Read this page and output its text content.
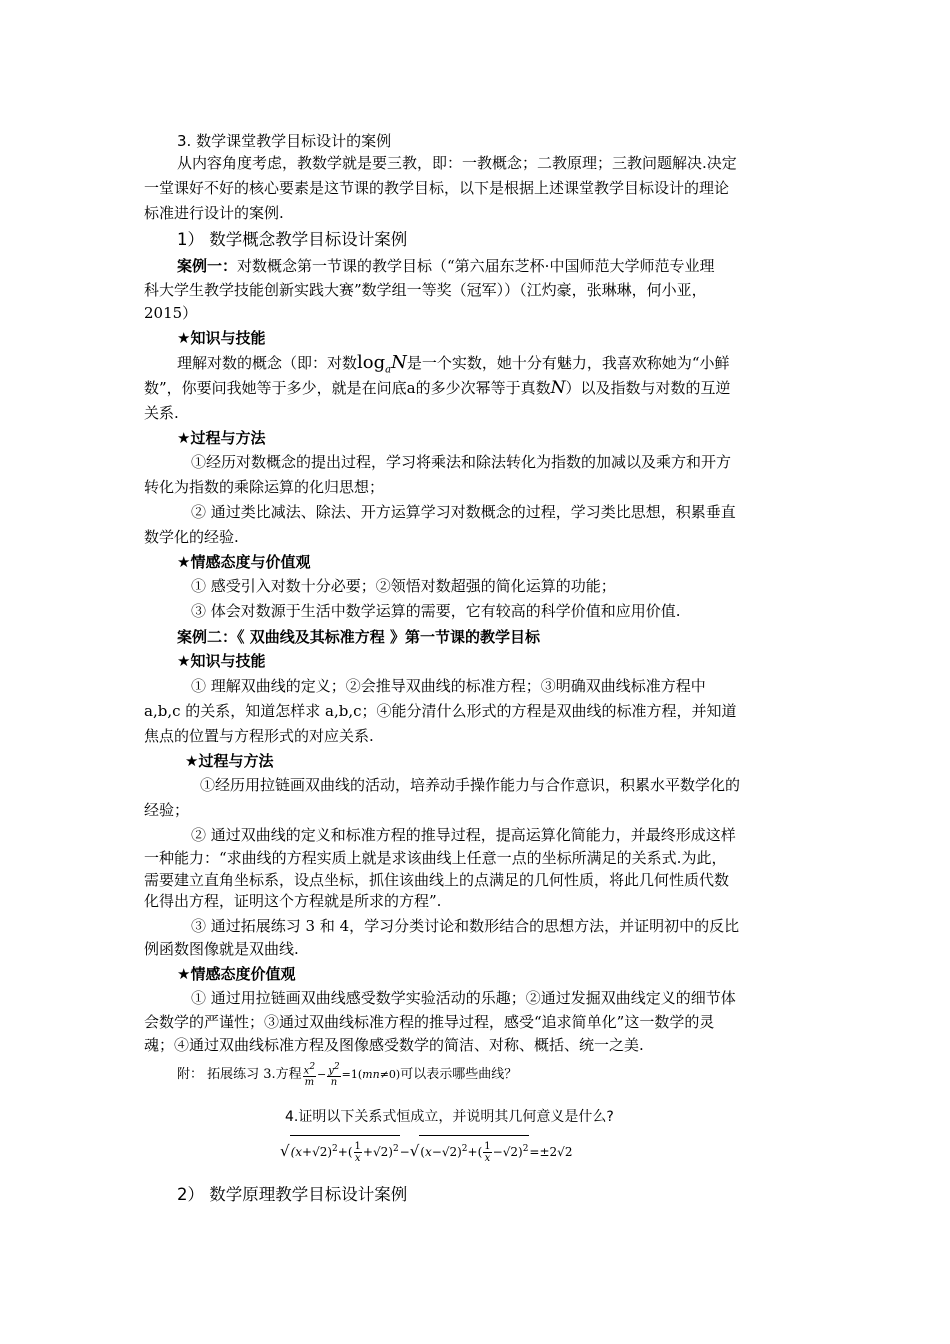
3. 数学课堂教学目标设计的案例
从内容角度考虑，教数学就是要三教，即：一教概念；二教原理；三教问题解决.决定
一堂课好不好的核心要素是这节课的教学目标，以下是根据上述课堂教学目标设计的理论
标准进行设计的案例.
1） 数学概念教学目标设计案例
案例一：对数概念第一节课的教学目标（“第六届东芝杯·中国师范大学师范专业理
科大学生教学技能创新实践大赛”数学组一等奖（冠军））（江灼豪，张琳琳，何小亚，
2015）
★知识与技能
理解对数的概念（即：对数$\log_aN$是一个实数，她十分有魅力，我喜欢称她为“小鲜
数”，你要问我她等于多少，就是在问底a的多少次幂等于真数N）以及指数与对数的互逆
关系.
★过程与方法
①经历对数概念的提出过程，学习将乘法和除法转化为指数的加减以及乘方和开方
转化为指数的乘除运算的化归思想；
② 通过类比减法、除法、开方运算学习对数概念的过程，学习类比思想，积累垂直
数学化的经验.
★情感态度与价值观
① 感受引入对数十分必要；②领悟对数超强的简化运算的功能；
③ 体会对数源于生活中数学运算的需要，它有较高的科学价值和应用价值.
案例二：《 双曲线及其标准方程 》第一节课的教学目标
★知识与技能
① 理解双曲线的定义；②会推导双曲线的标准方程；③明确双曲线标准方程中
a,b,c 的关系，知道怎样求 a,b,c；④能分清什么形式的方程是双曲线的标准方程，并知道
焦点的位置与方程形式的对应关系.
★过程与方法
①经历用拉链画双曲线的活动，培养动手操作能力与合作意识，积累水平数学化的
经验；
② 通过双曲线的定义和标准方程的推导过程，提高运算化简能力，并最终形成这样
一种能力：“求曲线的方程实质上就是求该曲线上任意一点的坐标所满足的关系式.为此，
需要建立直角坐标系，设点坐标，抓住该曲线上的点满足的几何性质，将此几何性质代数
化得出方程，证明这个方程就是所求的方程”.
③ 通过拓展练习 3 和 4，学习分类讨论和数形结合的思想方法，并证明初中的反比
例函数图像就是双曲线.
★情感态度价值观
① 通过用拉链画双曲线感受数学实验活动的乐趣；②通过发掘双曲线定义的细节体
会数学的严谨性；③通过双曲线标准方程的推导过程，感受“追求简单化”这一数学的灵
魂；④通过双曲线标准方程及图像感受数学的简洁、对称、概括、统一之美.
附： 拓展练习 3.方程 $\frac{x^2}{m} - \frac{y^2}{n} =1(mn\ne 0)$可以表示哪些曲线？
4.证明以下关系式恒成立，并说明其几何意义是什么?
$√(x+√2)^2+( \frac{1}{x} +√2)^2-√(x-√2)^2+( \frac{1}{x} -√2)^2=\pm 2√2$
2） 数学原理教学目标设计案例
